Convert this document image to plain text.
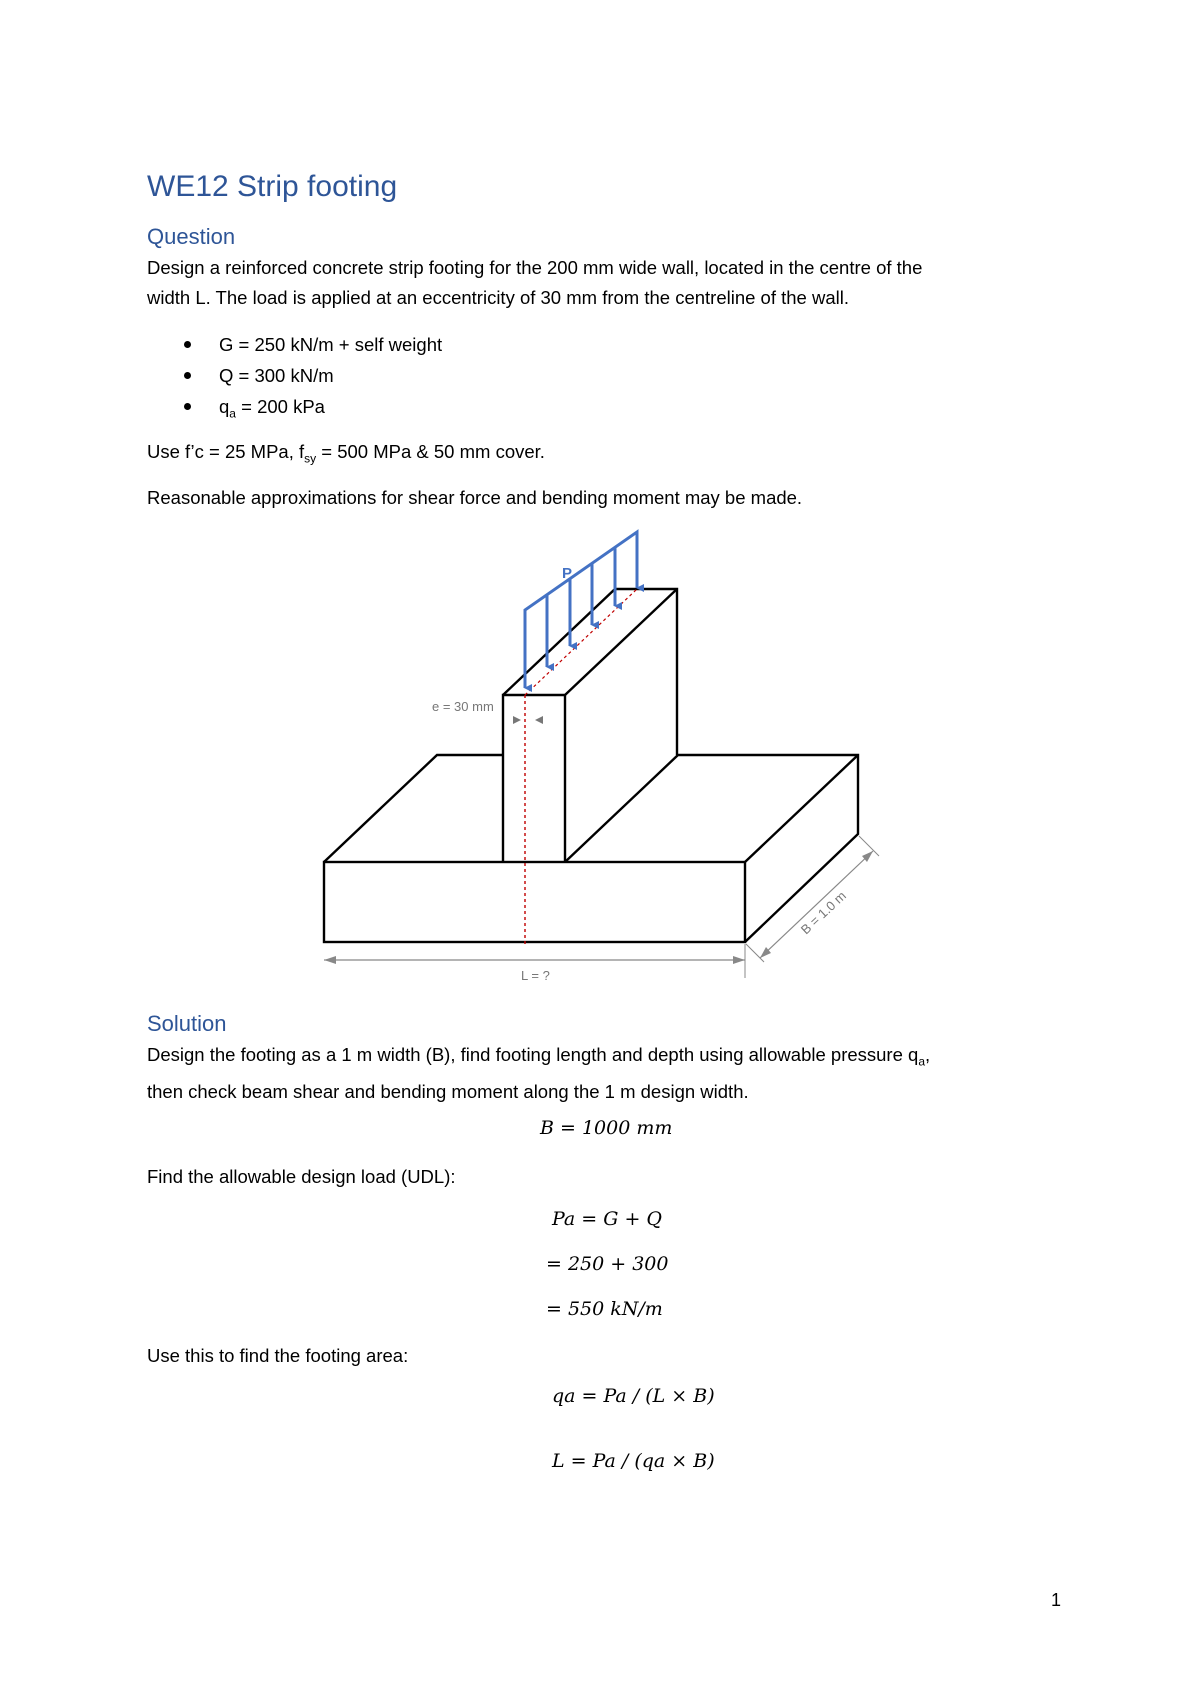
WE12 Strip footing
Question

Design a reinforced concrete strip footing for the 200 mm wide wall, located in the centre of the
width L. The load is applied at an eccentricity of 30 mm from the centreline of the wall.

G = 250 kN/m + self weight
Q = 300 kN/m
$q_a = 200$ kPa

Use f’c = 25 MPa, $f_{sy} = 500$ MPa & 50 mm cover.

Reasonable approximations for shear force and bending moment may be made.

P
e = 30 mm
L = ?
B = 1.0 m
Solution

Design the footing as a 1 m width (B), find footing length and depth using allowable pressure $q_a$,
then check beam shear and bending moment along the 1 m design width.

B = 1000 mm

Find the allowable design load (UDL):

Pa = G + Q
= 250 + 300
= 550 kN/m

Use this to find the footing area:

qa = Pa / (L × B)
L = Pa / (qa × B)
1
